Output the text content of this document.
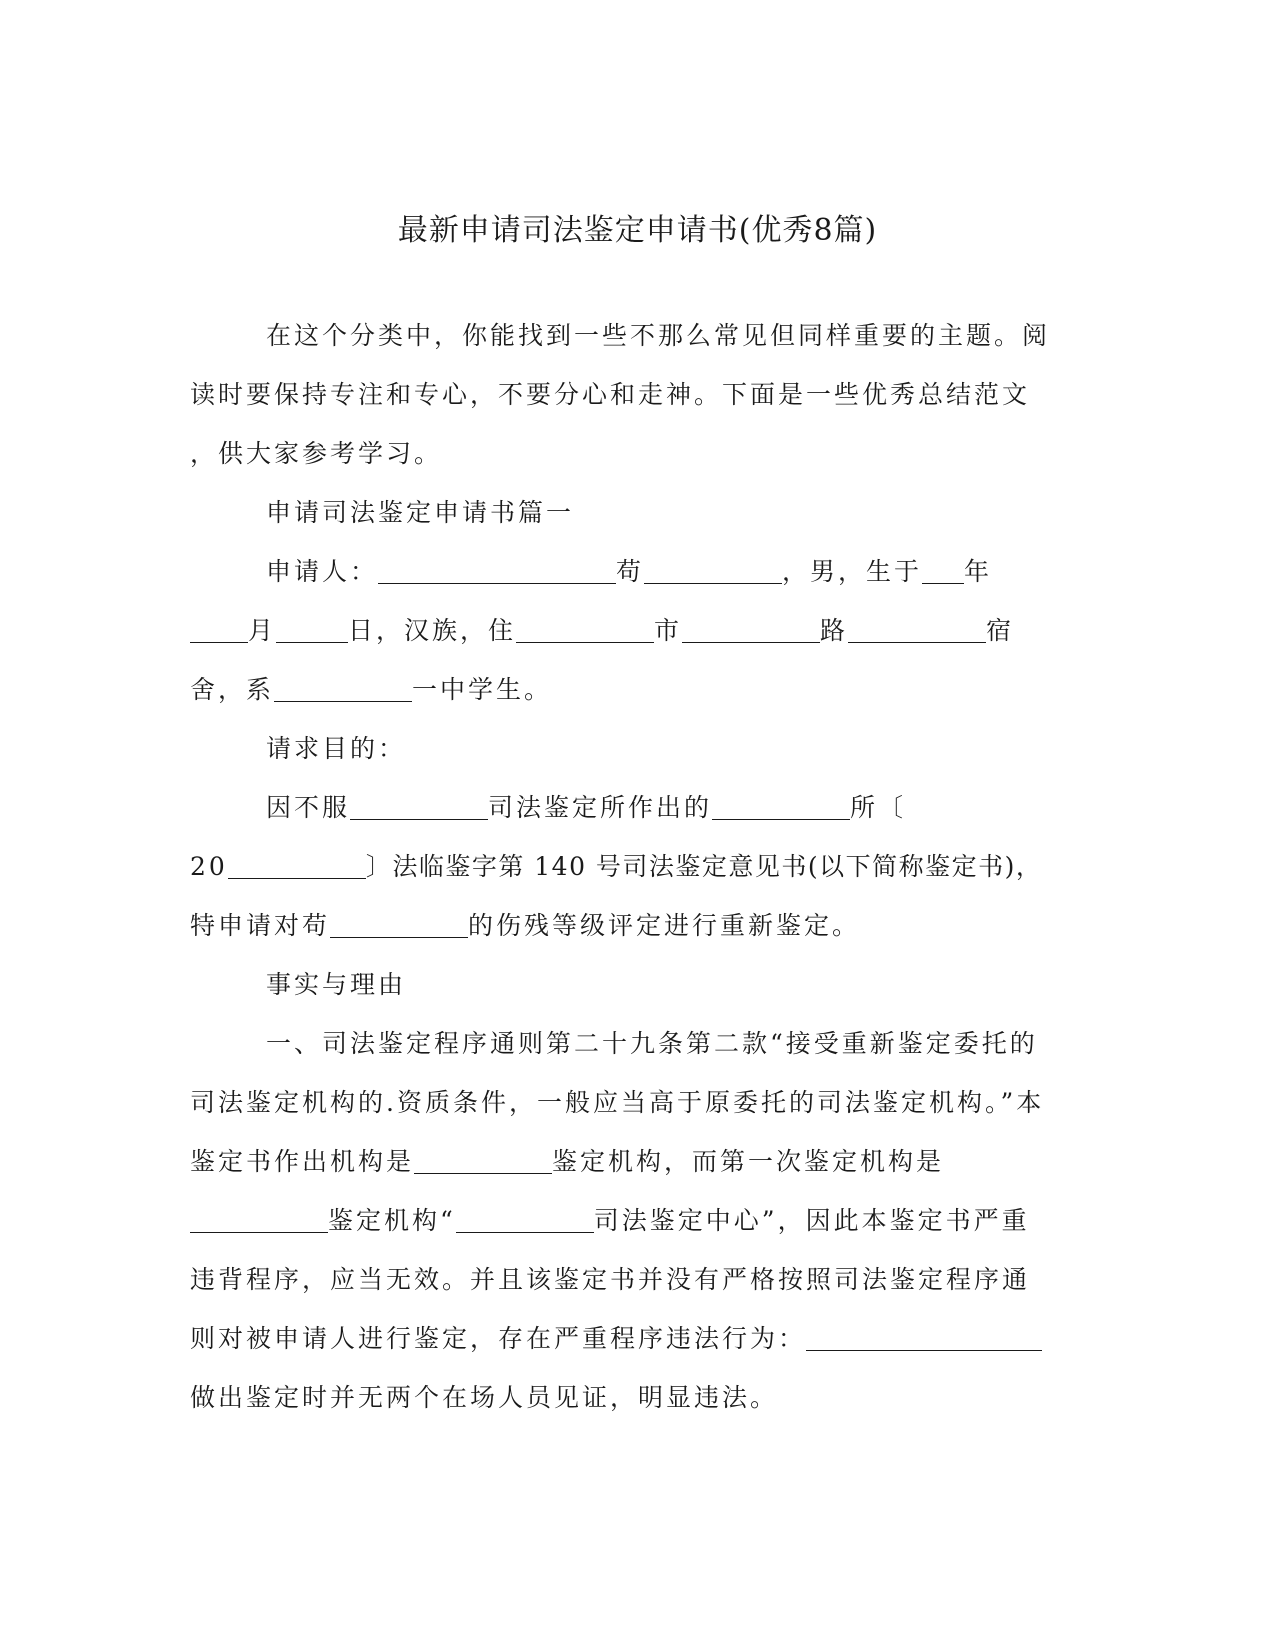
最新申请司法鉴定申请书(优秀8篇)
在这个分类中，你能找到一些不那么常见但同样重要的主题。阅
读时要保持专注和专心，不要分心和走神。下面是一些优秀总结范文
，供大家参考学习。
申请司法鉴定申请书篇一
申请人：	苟	，男，生于 年
月	日，汉族，住	市	路	宿
舍，系	一中学生。
请求目的：
因不服	司法鉴定所作出的	所〔
20	〕法临鉴字第 140 号司法鉴定意见书(以下简称鉴定书)，
特申请对苟	的伤残等级评定进行重新鉴定。
事实与理由
一、司法鉴定程序通则第二十九条第二款“接受重新鉴定委托的
司法鉴定机构的.资质条件，一般应当高于原委托的司法鉴定机构。”本
鉴定书作出机构是	鉴定机构，而第一次鉴定机构是
鉴定机构“	司法鉴定中心”，因此本鉴定书严重
违背程序，应当无效。并且该鉴定书并没有严格按照司法鉴定程序通
则对被申请人进行鉴定，存在严重程序违法行为：
做出鉴定时并无两个在场人员见证，明显违法。
